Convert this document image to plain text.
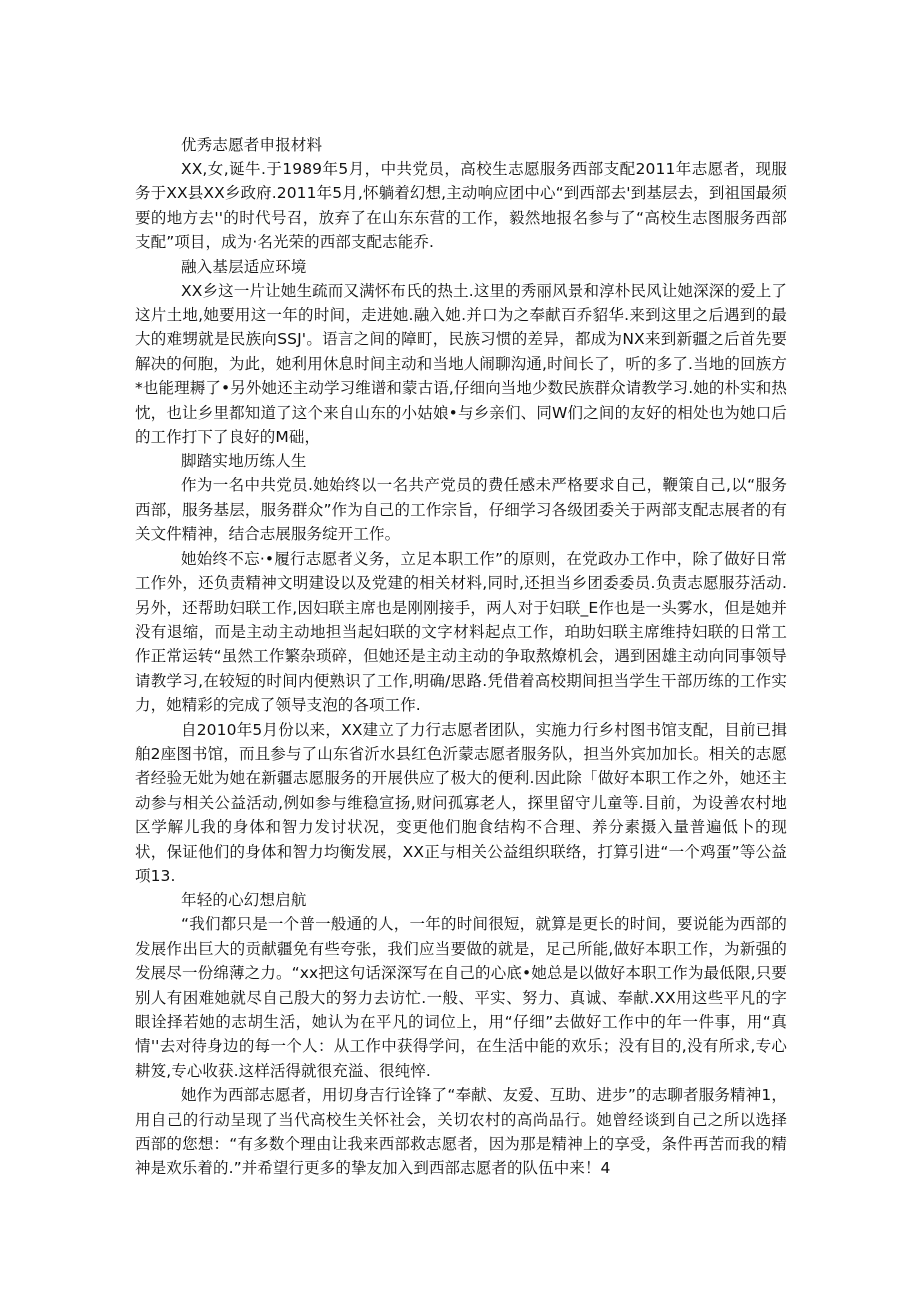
优秀志愿者申报材料

XX,女,诞牛.于1989年5月，中共党员，高校生志愿服务西部支配2011年志愿者，现服务于XX县XX乡政府.2011年5月,怀躺着幻想,主动响应团中心“到西部去'到基层去，到祖国最须要的地方去''的时代号召，放弃了在山东东营的工作，毅然地报名参与了“高校生志图服务西部支配”项目，成为·名光荣的西部支配志能乔.

融入基层适应环境

XX乡这一片让她生疏而又满怀布氏的热土.这里的秀丽风景和淳朴民风让她深深的爱上了这片土地,她要用这一年的时间，走进她.融入她.并口为之奉献百乔貂华.来到这里之后遇到的最大的难甥就是民族向SSJ'。语言之间的障町，民族习惯的差异，都成为NX来到新疆之后首先要解决的何胞，为此，她利用休息时间主动和当地人闹聊沟通,时间长了，听的多了.当地的回族方*也能理耨了•另外她还主动学习维谱和蒙古语,仔细向当地少数民族群众请教学习.她的朴实和热忱，也让乡里都知道了这个来自山东的小姑娘•与乡亲们、同W们之间的友好的相处也为她口后的工作打下了良好的M础，

脚踏实地历练人生

作为一名中共党员.她始终以一名共产党员的费任感未严格要求自己，鞭策自己,以“服务西部，服务基层，服务群众”作为自己的工作宗旨，仔细学习各级团委关于两部支配志展者的有关文件精神，结合志展服务绽开工作。

她始终不忘·•履行志愿者义务，立足本职工作”的原则，在党政办工作中，除了做好日常工作外，还负责精神文明建设以及党建的相关材料,同时,还担当乡团委委员.负责志愿服芬活动.另外，还帮助妇联工作,因妇联主席也是刚刚接手，两人对于妇联_E作也是一头雾水，但是她并没有退缩，而是主动主动地担当起妇联的文字材料起点工作，珀助妇联主席维持妇联的日常工作正常运转“虽然工作繁杂琐碎，但她还是主动主动的争取熬燎机会，遇到困雄主动向同事领导请教学习,在较短的时间内便熟识了工作,明确/思路.凭借着高校期间担当学生干部历练的工作实力，她精彩的完成了领导支泡的各项工作.

自2010年5月份以来，XX建立了力行志愿者团队，实施力行乡村图书馆支配，目前已揖舶2座图书馆，而且参与了山东省沂水县红色沂蒙志愿者服务队，担当外宾加加长。相关的志愿者经验无妣为她在新疆志愿服务的开展供应了极大的便利.因此除「做好本职工作之外，她还主动参与相关公益活动,例如参与维稳宣扬,财问孤寡老人，探里留守儿童等.目前，为设善农村地区学解儿我的身体和智力发讨状况，变更他们胞食结构不合理、养分素摄入量普遍低卜的现状，保证他们的身体和智力均衡发展，XX正与相关公益组织联络，打算引进“一个鸡蛋”等公益项13.

年轻的心幻想启航

“我们都只是一个普一般通的人，一年的时间很短，就算是更长的时间，要说能为西部的发展作出巨大的贡献疆免有些夸张，我们应当要做的就是，足己所能,做好本职工作，为新强的发展尽一份绵薄之力。“xx把这句话深深写在自己的心底•她总是以做好本职工作为最低限,只要别人有困难她就尽自己殷大的努力去访忙.一般、平实、努力、真诚、奉献.XX用这些平凡的字眼诠择若她的志胡生活，她认为在平凡的词位上，用“仔细”去做好工作中的年一件事，用“真情''去对待身边的每一个人：从工作中获得学问，在生活中能的欢乐；没有目的,没有所求,专心耕笈,专心收获.这样活得就很充溢、很纯悴.

她作为西部志愿者，用切身吉行诠锋了“奉献、友爱、互助、进步”的志聊者服务精神1，用自己的行动呈现了当代高校生关怀社会，关切农村的高尚品行。她曾经谈到自己之所以选择西部的您想：“有多数个理由让我来西部救志愿者，因为那是精神上的享受，条件再苦而我的精神是欢乐着的.”并希望行更多的挚友加入到西部志愿者的队伍中来！4
